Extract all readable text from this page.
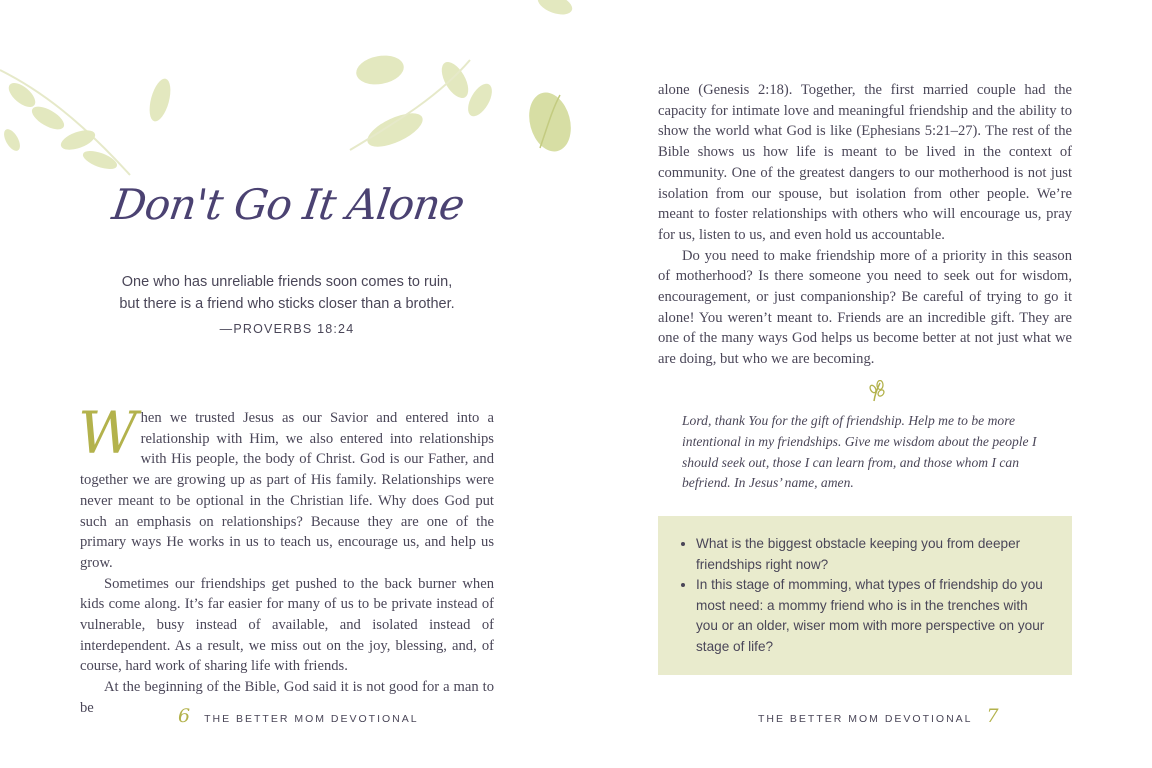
Don't Go It Alone
One who has unreliable friends soon comes to ruin,
but there is a friend who sticks closer than a brother.
—PROVERBS 18:24

When we trusted Jesus as our Savior and entered into a relationship with Him, we also entered into relationships with His people, the body of Christ. God is our Father, and together we are growing up as part of His family. Relationships were never meant to be optional in the Christian life. Why does God put such an emphasis on relationships? Because they are one of the primary ways He works in us to teach us, encourage us, and help us grow.

Sometimes our friendships get pushed to the back burner when kids come along. It’s far easier for many of us to be private instead of vulnerable, busy instead of available, and isolated instead of interdependent. As a result, we miss out on the joy, blessing, and, of course, hard work of sharing life with friends.

At the beginning of the Bible, God said it is not good for a man to be	6 THE BETTER MOM DEVOTIONAL

alone (Genesis 2:18). Together, the first married couple had the capacity for intimate love and meaningful friendship and the ability to show the world what God is like (Ephesians 5:21–27). The rest of the Bible shows us how life is meant to be lived in the context of community. One of the greatest dangers to our motherhood is not just isolation from our spouse, but isolation from other people. We’re meant to foster relationships with others who will encourage us, pray for us, listen to us, and even hold us accountable.

Do you need to make friendship more of a priority in this season of motherhood? Is there someone you need to seek out for wisdom, encouragement, or just companionship? Be careful of trying to go it alone! You weren’t meant to. Friends are an incredible gift. They are one of the many ways God helps us become better at not just what we are doing, but who we are becoming.

Lord, thank You for the gift of friendship. Help me to be more intentional in my friendships. Give me wisdom about the people I should seek out, those I can learn from, and those whom I can befriend. In Jesus’ name, amen.
• What is the biggest obstacle keeping you from deeper friendships right now?
• In this stage of momming, what types of friendship do you most need: a mommy friend who is in the trenches with you or an older, wiser mom with more perspective on your stage of life?
THE BETTER MOM DEVOTIONAL 7
